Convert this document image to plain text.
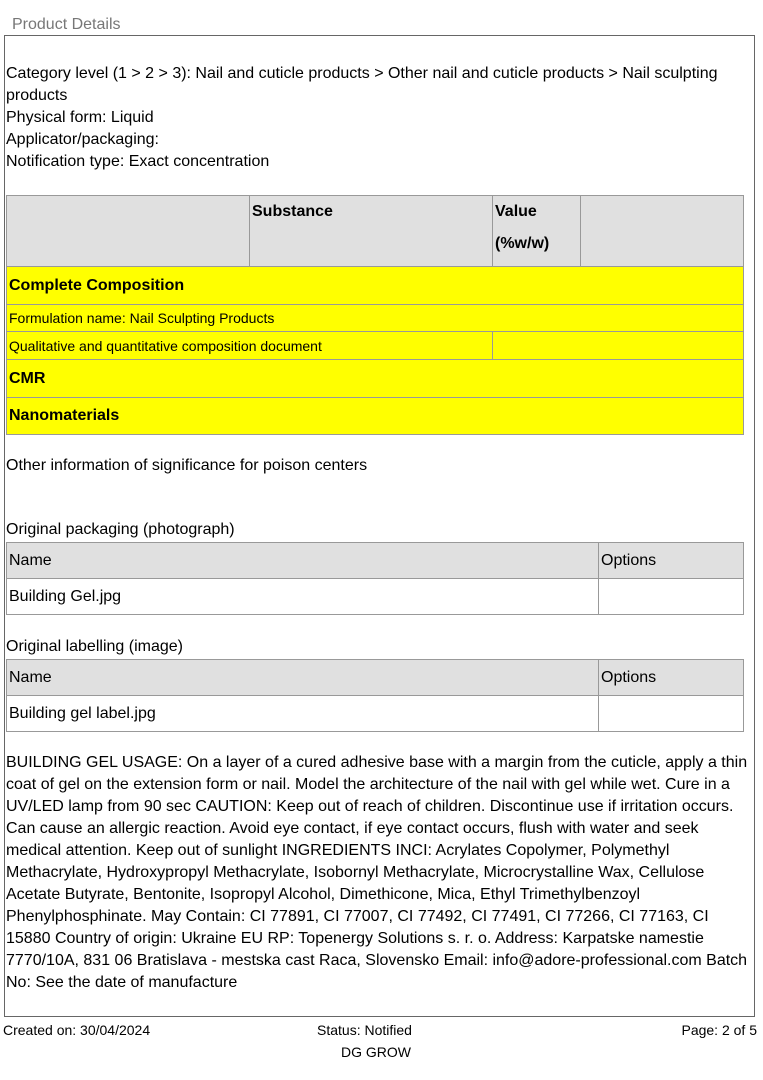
Product Details
Category level (1 > 2 > 3): Nail and cuticle products > Other nail and cuticle products > Nail sculpting products
Physical form: Liquid
Applicator/packaging:
Notification type: Exact concentration
	Substance	Value
(%w/w)	
Complete Composition			
Formulation name: Nail Sculpting Products			
Qualitative and quantitative composition document			
CMR			
Nanomaterials			
Other information of significance for poison centers
Original packaging (photograph)
Name	Options
Building Gel.jpg	
Original labelling (image)
Name	Options
Building gel label.jpg	
BUILDING GEL USAGE: On a layer of a cured adhesive base with a margin from the cuticle, apply a thin coat of gel on the extension form or nail. Model the architecture of the nail with gel while wet. Cure in a UV/LED lamp from 90 sec CAUTION: Keep out of reach of children. Discontinue use if irritation occurs. Can cause an allergic reaction. Avoid eye contact, if eye contact occurs, flush with water and seek medical attention. Keep out of sunlight INGREDIENTS INCI: Acrylates Copolymer, Polymethyl Methacrylate, Hydroxypropyl Methacrylate, Isobornyl Methacrylate, Microcrystalline Wax, Cellulose Acetate Butyrate, Bentonite, Isopropyl Alcohol, Dimethicone, Mica, Ethyl Trimethylbenzoyl Phenylphosphinate. May Contain: CI 77891, CI 77007, CI 77492, CI 77491, CI 77266, CI 77163, CI 15880 Country of origin: Ukraine EU RP: Topenergy Solutions s. r. o. Address: Karpatske namestie 7770/10A, 831 06 Bratislava - mestska cast Raca, Slovensko Email: info@adore-professional.com Batch No: See the date of manufacture
Created on: 30/04/2024	Status: Notified
DG GROW
Page: 2 of 5
